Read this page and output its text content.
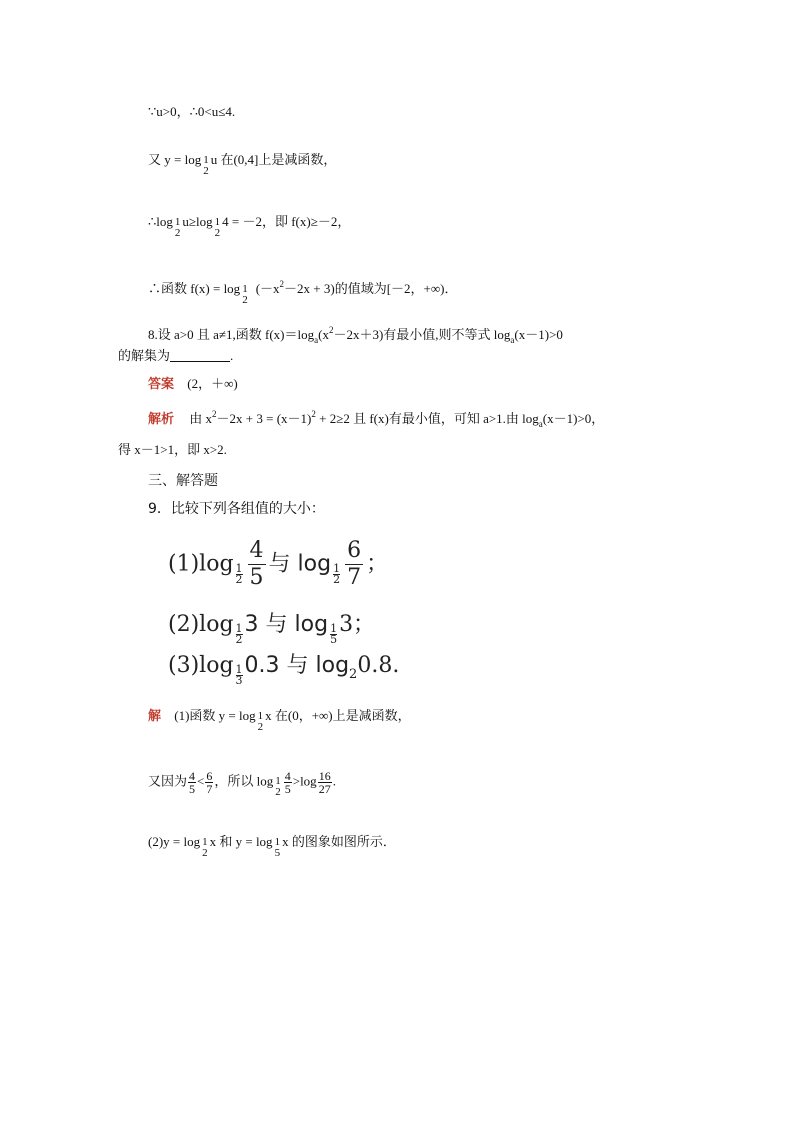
∵u>0，∴0<u≤4.
又 y = log 1
2
u 在(0,4]上是减函数，
∴log 1
2
u≥log 1
2
4 = －2，即 f(x)≥－2，
∴函数 f(x) = log 1
2
$(-x^2-2x + 3)$的值域为[－2，+∞)．
8.设 a>0 且 a≠1,函数 $f(x)=\log_a(x^2-2x+3)$有最小值,则不等式 $\log_a(x-1)>0$
的解集为	.
答案 (2，＋∞)
解析 由 $x^2-2x + 3 = (x-1)^2 + 2\ge 2$ 且 f(x)有最小值，可知 a>1.由 $\log_a(x-1)>0$，
得 x－1>1，即 x>2.
三、解答题
9．比较下列各组值的大小：
$(1)\log \frac{1}{2} \frac{4}{5}$ 与 $\log \frac{1}{2} \frac{6}{7}$ ；
$(2)\log \frac{1}{2} 3$ 与 $\log \frac{1}{5} 3$；
$(3)\log \frac{1}{3} 0.3$ 与 $\log_20.8$.
解 (1)函数 y = log 1
2
x 在(0，+∞)上是减函数，
又因为 $\frac{4}{5} < \frac{6}{7}$ ，所以 log 1
$2 \frac{4}{5} >\log \frac{16}{27}$ .
(2)y = log 1
2
x 和 y = log 1
5
x 的图象如图所示．
